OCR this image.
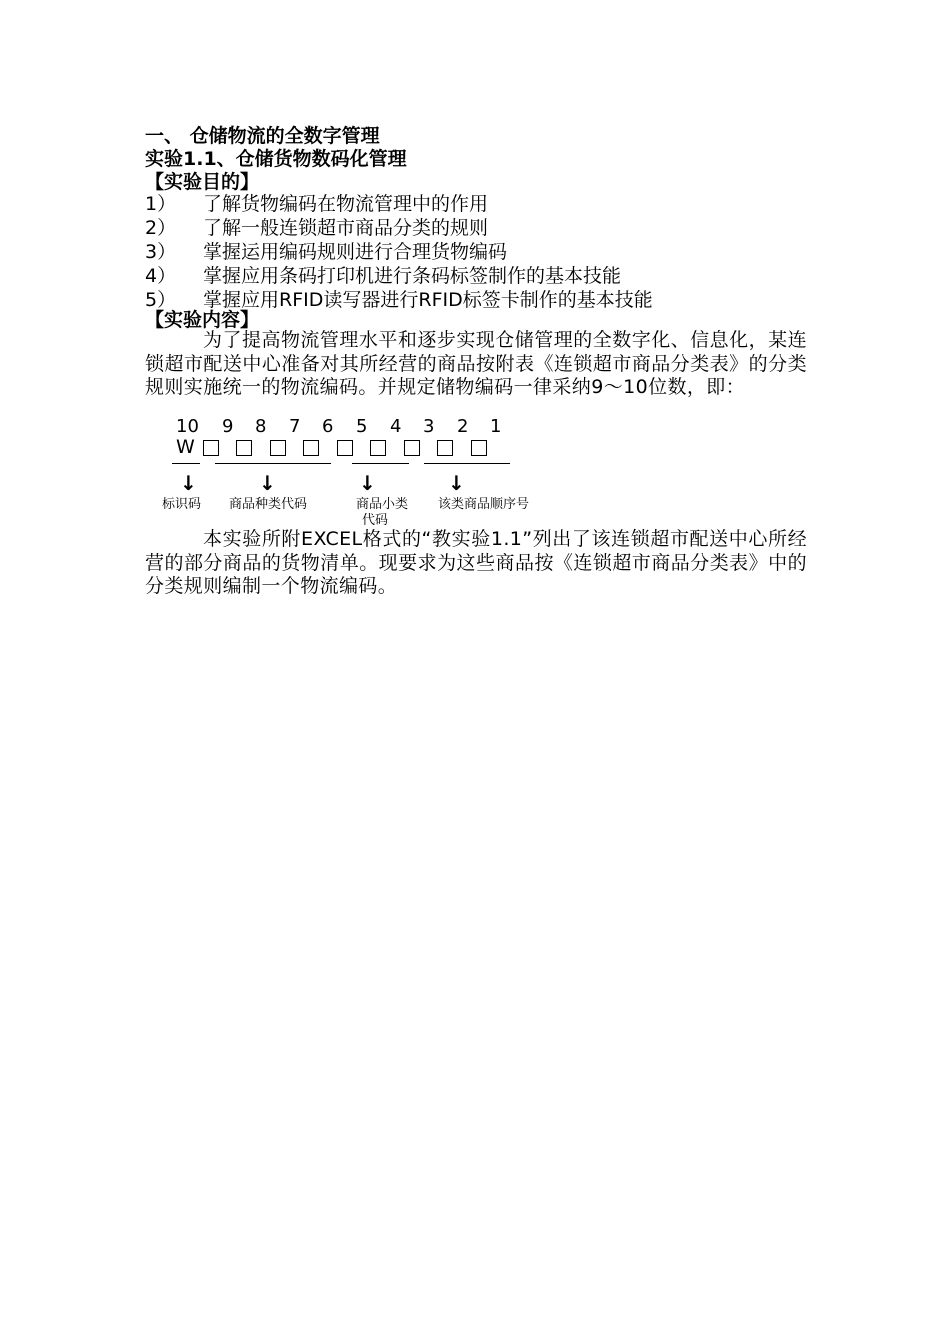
一、 仓储物流的全数字管理
实验1.1、仓储货物数码化管理
【实验目的】
1） 了解货物编码在物流管理中的作用
2） 了解一般连锁超市商品分类的规则
3） 掌握运用编码规则进行合理货物编码
4） 掌握应用条码打印机进行条码标签制作的基本技能
5） 掌握应用RFID读写器进行RFID标签卡制作的基本技能
【实验内容】
为了提高物流管理水平和逐步实现仓储管理的全数字化、信息化，某连锁超市配送中心准备对其所经营的商品按附表《连锁超市商品分类表》的分类规则实施统一的物流编码。并规定储物编码一律采纳9～10位数，即：
10 9 8 7 6 5 4 3 2 1
W
↓	↓	↓	↓
标识码 商品种类代码	商品小类
代码
该类商品顺序号
本实验所附EXCEL格式的“教实验1.1”列出了该连锁超市配送中心所经营的部分商品的货物清单。现要求为这些商品按《连锁超市商品分类表》中的分类规则编制一个物流编码。
